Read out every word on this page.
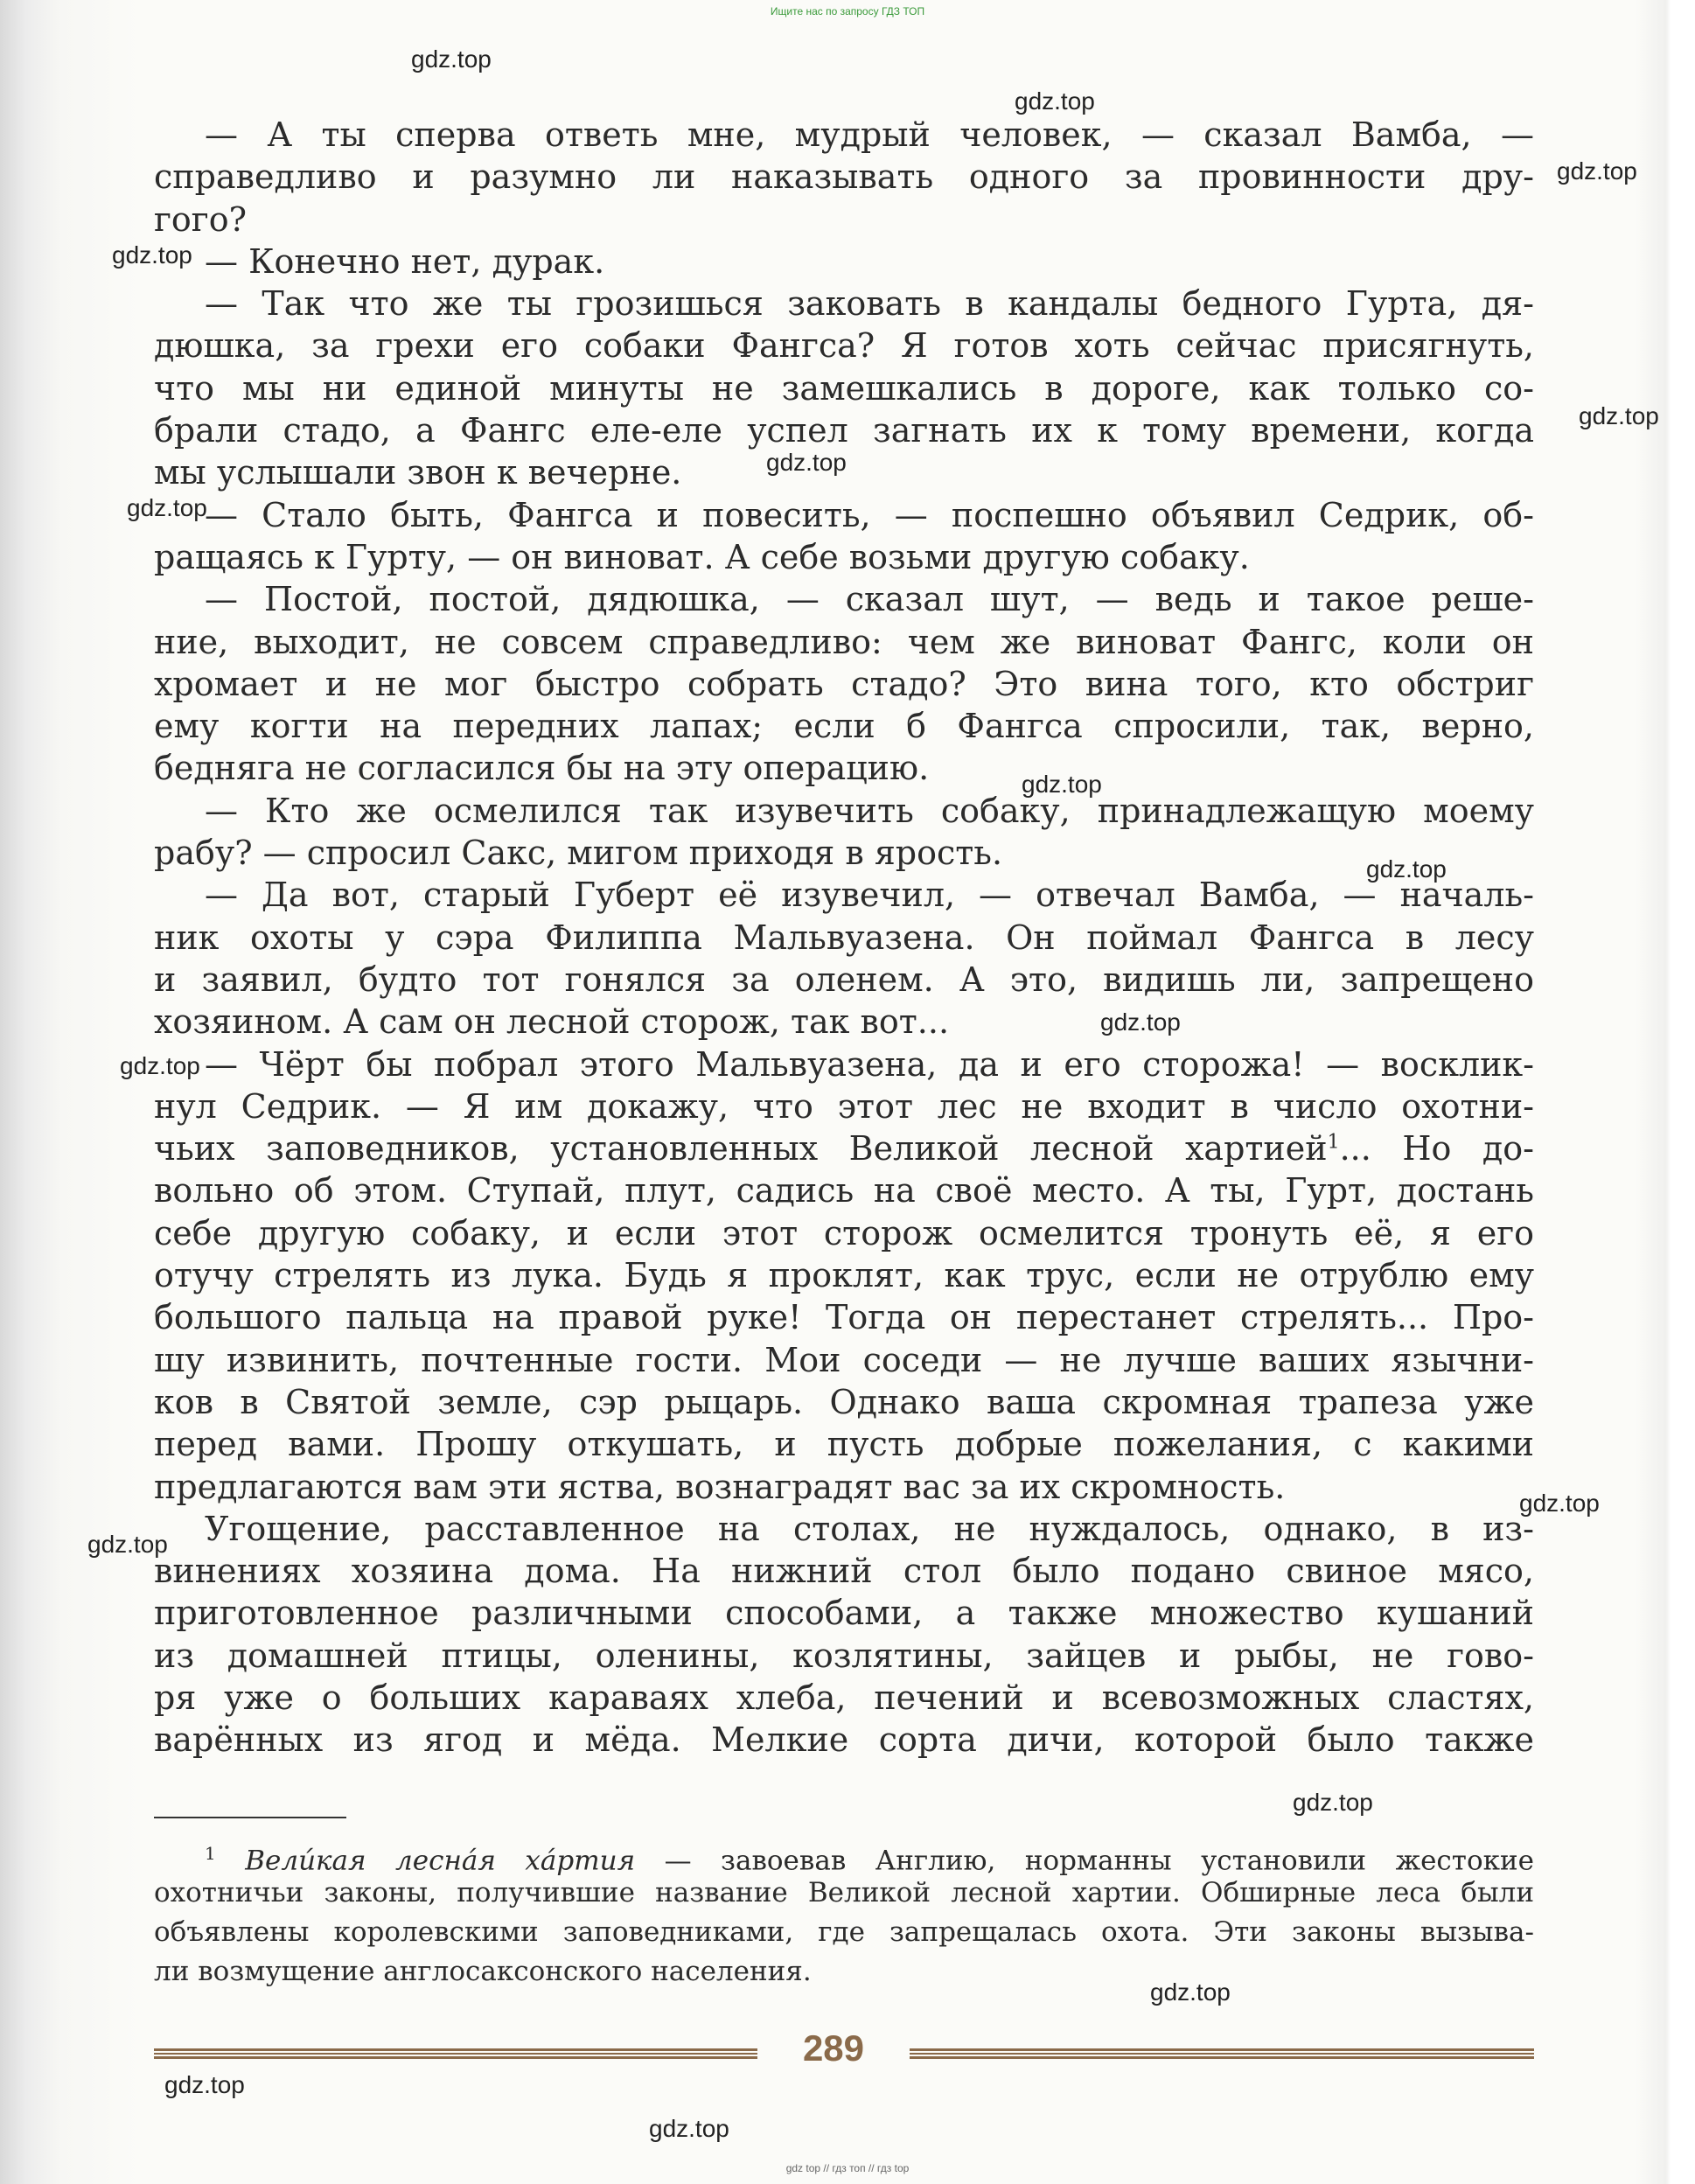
Ищите нас по запросу ГДЗ ТОП
— А ты сперва ответь мне, мудрый человек, — сказал Вамба, —
справедливо и разумно ли наказывать одного за провинности дру-
гого?
— Конечно нет, дурак.
— Так что же ты грозишься заковать в кандалы бедного Гурта, дя-
дюшка, за грехи его собаки Фангса? Я готов хоть сейчас присягнуть,
что мы ни единой минуты не замешкались в дороге, как только со-
брали стадо, а Фангс еле-еле успел загнать их к тому времени, когда
мы услышали звон к вечерне.
— Стало быть, Фангса и повесить, — поспешно объявил Седрик, об-
ращаясь к Гурту, — он виноват. А себе возьми другую собаку.
— Постой, постой, дядюшка, — сказал шут, — ведь и такое реше-
ние, выходит, не совсем справедливо: чем же виноват Фангс, коли он
хромает и не мог быстро собрать стадо? Это вина того, кто обстриг
ему когти на передних лапах; если б Фангса спросили, так, верно,
бедняга не согласился бы на эту операцию.
— Кто же осмелился так изувечить собаку, принадлежащую моему
рабу? — спросил Сакс, мигом приходя в ярость.
— Да вот, старый Губерт её изувечил, — отвечал Вамба, — началь-
ник охоты у сэра Филиппа Мальвуазена. Он поймал Фангса в лесу
и заявил, будто тот гонялся за оленем. А это, видишь ли, запрещено
хозяином. А сам он лесной сторож, так вот...
— Чёрт бы побрал этого Мальвуазена, да и его сторожа! — восклик-
нул Седрик. — Я им докажу, что этот лес не входит в число охотни-
чьих заповедников, установленных Великой лесной хартией$^1$... Но до-
вольно об этом. Ступай, плут, садись на своё место. А ты, Гурт, достань
себе другую собаку, и если этот сторож осмелится тронуть её, я его
отучу стрелять из лука. Будь я проклят, как трус, если не отрублю ему
большого пальца на правой руке! Тогда он перестанет стрелять... Про-
шу извинить, почтенные гости. Мои соседи — не лучше ваших язычни-
ков в Святой земле, сэр рыцарь. Однако ваша скромная трапеза уже
перед вами. Прошу откушать, и пусть добрые пожелания, с какими
предлагаются вам эти яства, вознаградят вас за их скромность.
Угощение, расставленное на столах, не нуждалось, однако, в из-
винениях хозяина дома. На нижний стол было подано свиное мясо,
приготовленное различными способами, а также множество кушаний
из домашней птицы, оленины, козлятины, зайцев и рыбы, не гово-
ря уже о больших караваях хлеба, печений и всевозможных сластях,
варённых из ягод и мёда. Мелкие сорта дичи, которой было также
$^1$ Велúкая леснáя хáртия — завоевав Англию, норманны установили жестокие
охотничьи законы, получившие название Великой лесной хартии. Обширные леса были
объявлены королевскими заповедниками, где запрещалась охота. Эти законы вызыва-
ли возмущение англосаксонского населения.
289
gdz.top
gdz.top
gdz.top
gdz.top
gdz.top
gdz.top
gdz.top
gdz.top
gdz.top
gdz.top
gdz.top
gdz.top
gdz.top
gdz.top
gdz.top
gdz.top
gdz.top
gdz top // гдз топ // гдз top
